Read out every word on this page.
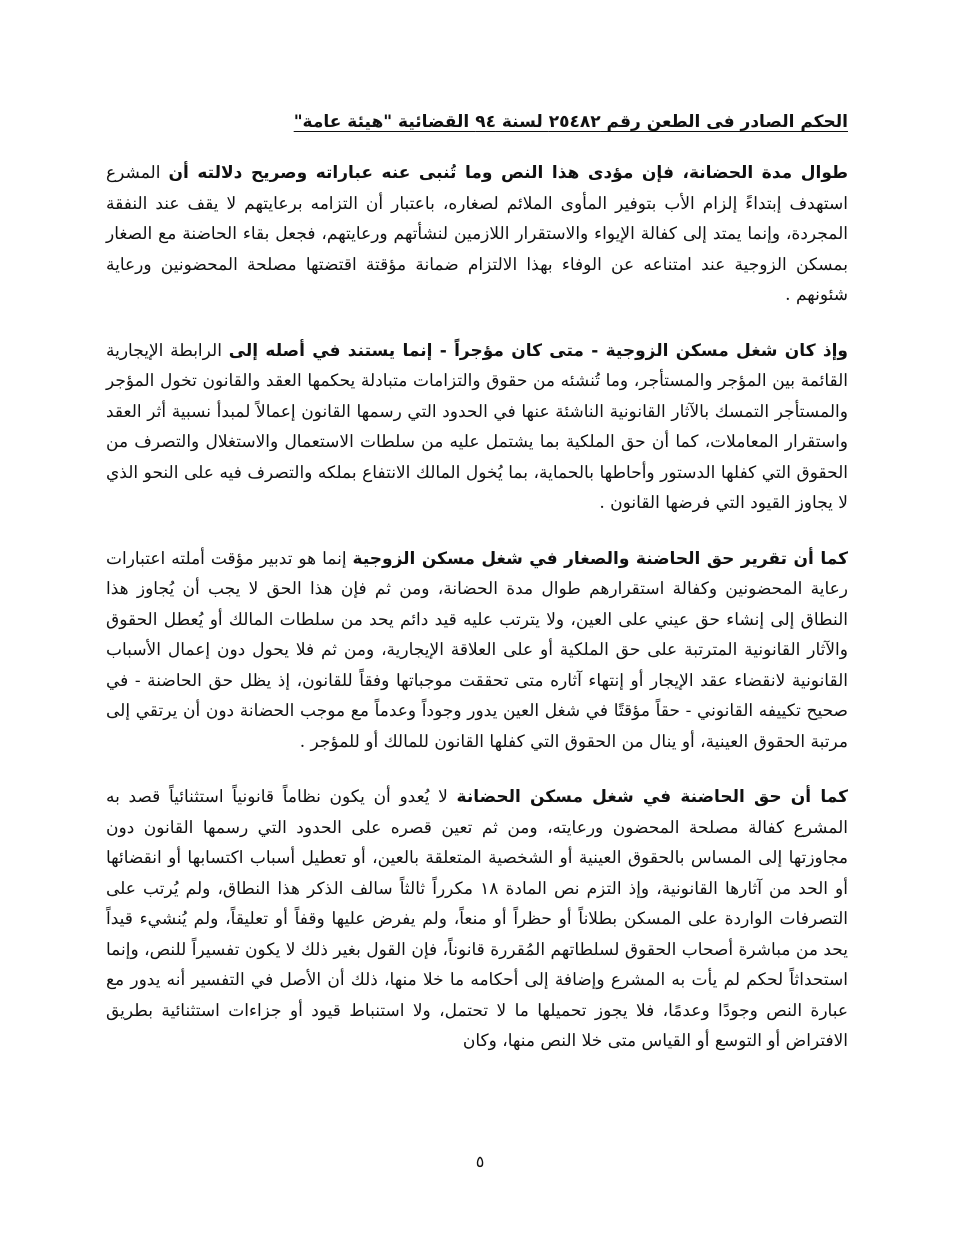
الحكم الصادر فى الطعن رقم ٢٥٤٨٢ لسنة ٩٤ القضائية "هيئة عامة"

طوال مدة الحضانة، فإن مؤدى هذا النص وما تُنبى عنه عباراته وصريح دلالته أن المشرع استهدف إبتداءً إلزام الأب بتوفير المأوى الملائم لصغاره، باعتبار أن التزامه برعايتهم لا يقف عند النفقة المجردة، وإنما يمتد إلى كفالة الإيواء والاستقرار اللازمين لنشأتهم ورعايتهم، فجعل بقاء الحاضنة مع الصغار بمسكن الزوجية عند امتناعه عن الوفاء بهذا الالتزام ضمانة مؤقتة اقتضتها مصلحة المحضونين ورعاية شئونهم .

وإذ كان شغل مسكن الزوجية - متى كان مؤجراً - إنما يستند في أصله إلى الرابطة الإيجارية القائمة بين المؤجر والمستأجر، وما تُنشئه من حقوق والتزامات متبادلة يحكمها العقد والقانون تخول المؤجر والمستأجر التمسك بالآثار القانونية الناشئة عنها في الحدود التي رسمها القانون إعمالاً لمبدأ نسبية أثر العقد واستقرار المعاملات، كما أن حق الملكية بما يشتمل عليه من سلطات الاستعمال والاستغلال والتصرف من الحقوق التي كفلها الدستور وأحاطها بالحماية، بما يُخول المالك الانتفاع بملكه والتصرف فيه على النحو الذي لا يجاوز القيود التي فرضها القانون .

كما أن تقرير حق الحاضنة والصغار في شغل مسكن الزوجية إنما هو تدبير مؤقت أملته اعتبارات رعاية المحضونين وكفالة استقرارهم طوال مدة الحضانة، ومن ثم فإن هذا الحق لا يجب أن يُجاوز هذا النطاق إلى إنشاء حق عيني على العين، ولا يترتب عليه قيد دائم يحد من سلطات المالك أو يُعطل الحقوق والآثار القانونية المترتبة على حق الملكية أو على العلاقة الإيجارية، ومن ثم فلا يحول دون إعمال الأسباب القانونية لانقضاء عقد الإيجار أو إنتهاء آثاره متى تحققت موجباتها وفقاً للقانون، إذ يظل حق الحاضنة - في صحيح تكييفه القانوني - حقاً مؤقتًا في شغل العين يدور وجوداً وعدماً مع موجب الحضانة دون أن يرتقي إلى مرتبة الحقوق العينية، أو ينال من الحقوق التي كفلها القانون للمالك أو للمؤجر .

كما أن حق الحاضنة في شغل مسكن الحضانة لا يُعدو أن يكون نظاماً قانونياً استثنائياً قصد به المشرع كفالة مصلحة المحضون ورعايته، ومن ثم تعين قصره على الحدود التي رسمها القانون دون مجاوزتها إلى المساس بالحقوق العينية أو الشخصية المتعلقة بالعين، أو تعطيل أسباب اكتسابها أو انقضائها أو الحد من آثارها القانونية، وإذ التزم نص المادة ١٨ مكرراً ثالثاً سالف الذكر هذا النطاق، ولم يُرتب على التصرفات الواردة على المسكن بطلاناً أو حظراً أو منعاً، ولم يفرض عليها وقفاً أو تعليقاً، ولم يُنشيء قيداً يحد من مباشرة أصحاب الحقوق لسلطاتهم المُقررة قانوناً، فإن القول بغير ذلك لا يكون تفسيراً للنص، وإنما استحداثاً لحكم لم يأت به المشرع وإضافة إلى أحكامه ما خلا منها، ذلك أن الأصل في التفسير أنه يدور مع عبارة النص وجودًا وعدمًا، فلا يجوز تحميلها ما لا تحتمل، ولا استنباط قيود أو جزاءات استثنائية بطريق الافتراض أو التوسع أو القياس متى خلا النص منها، وكان

٥
